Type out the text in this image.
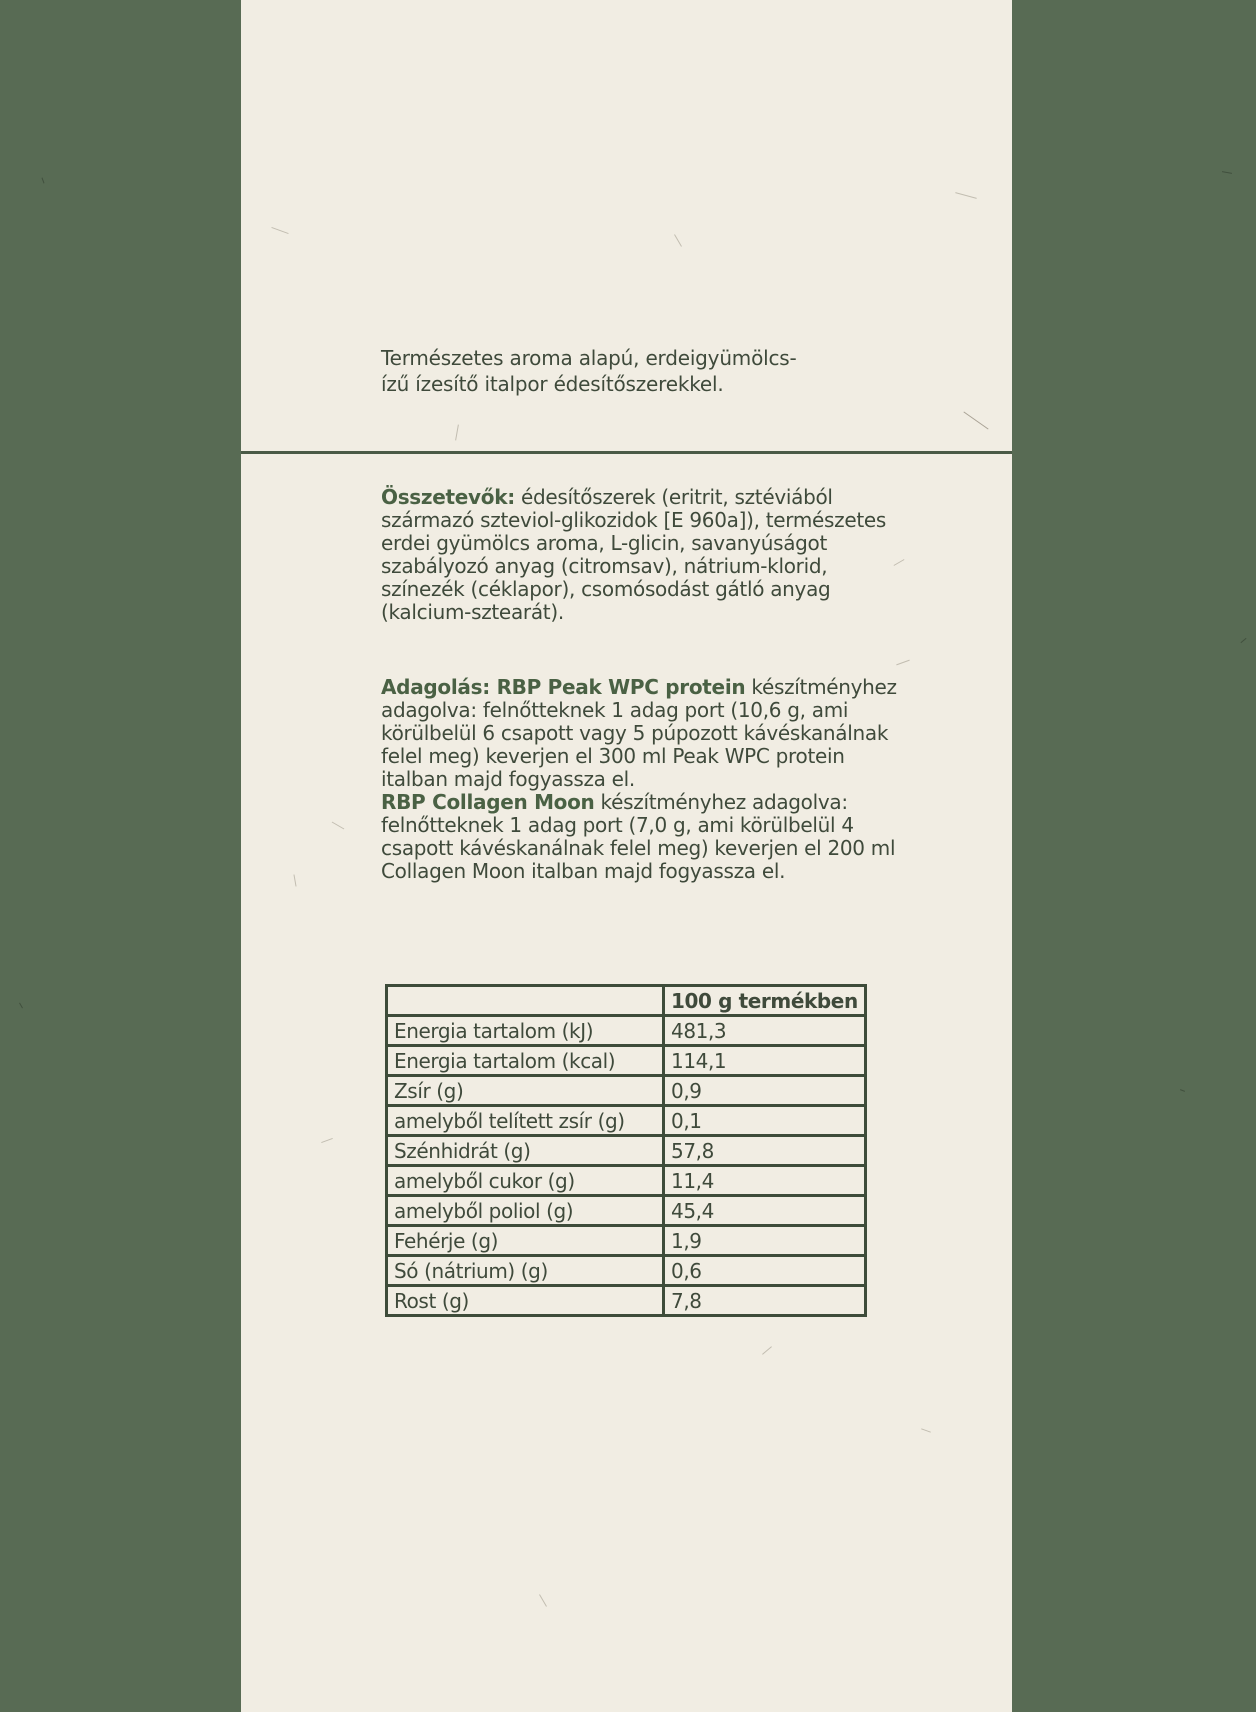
Természetes aroma alapú, erdeigyümölcs-ízű ízesítő italpor édesítőszerekkel.

Összetevők: édesítőszerek (eritrit, sztéviából származó szteviol-glikozidok [E 960a]), természetes erdei gyümölcs aroma, L-glicin, savanyúságot szabályozó anyag (citromsav), nátrium-klorid, színezék (céklapor), csomósodást gátló anyag (kalcium-sztearát).

Adagolás: RBP Peak WPC protein készítményhez adagolva: felnőtteknek 1 adag port (10,6 g, ami körülbelül 6 csapott vagy 5 púpozott kávéskanálnak felel meg) keverjen el 300 ml Peak WPC protein italban majd fogyassza el.
RBP Collagen Moon készítményhez adagolva: felnőtteknek 1 adag port (7,0 g, ami körülbelül 4 csapott kávéskanálnak felel meg) keverjen el 200 ml Collagen Moon italban majd fogyassza el.

	100 g termékben
Energia tartalom (kJ)	481,3
Energia tartalom (kcal)	114,1
Zsír (g)	0,9
amelyből telített zsír (g)	0,1
Szénhidrát (g)	57,8
amelyből cukor (g)	11,4
amelyből poliol (g)	45,4
Fehérje (g)	1,9
Só (nátrium) (g)	0,6
Rost (g)	7,8
